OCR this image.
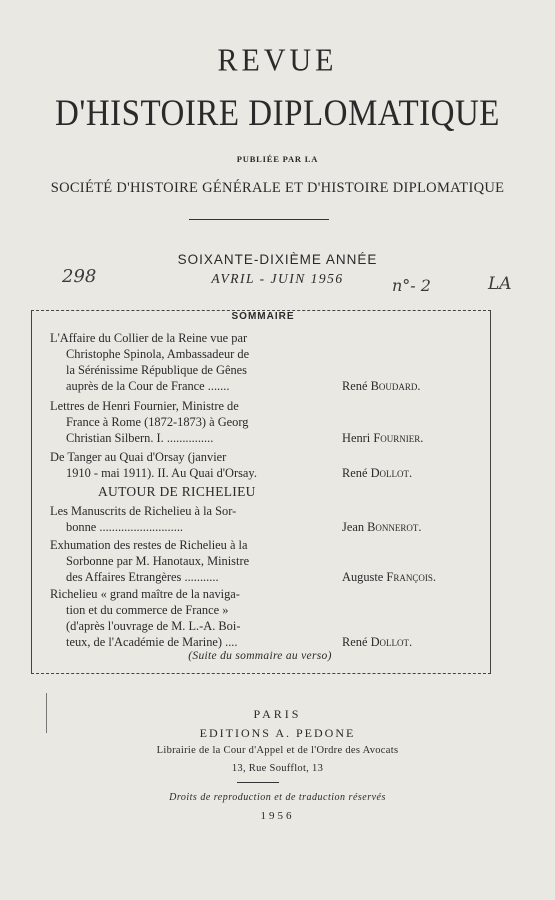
REVUE
D'HISTOIRE DIPLOMATIQUE
PUBLIÉE PAR LA
SOCIÉTÉ D'HISTOIRE GÉNÉRALE ET D'HISTOIRE DIPLOMATIQUE
SOIXANTE-DIXIÈME ANNÉE
AVRIL - JUIN 1956
298	n°- 2	LA
SOMMAIRE
L'Affaire du Collier de la Reine vue par
Christophe Spinola, Ambassadeur de
la Sérénissime République de Gênes
auprès de la Cour de France .......	René Boudard.
Lettres de Henri Fournier, Ministre de
France à Rome (1872-1873) à Georg
Christian Silbern. I. ...............	Henri Fournier.
De Tanger au Quai d'Orsay (janvier
1910 - mai 1911). II. Au Quai d'Orsay.	René Dollot.
AUTOUR DE RICHELIEU
Les Manuscrits de Richelieu à la Sor-
bonne ...........................	Jean Bonnerot.
Exhumation des restes de Richelieu à la
Sorbonne par M. Hanotaux, Ministre
des Affaires Etrangères ...........	Auguste François.
Richelieu « grand maître de la naviga-
tion et du commerce de France »
(d'après l'ouvrage de M. L.-A. Boi-
teux, de l'Académie de Marine) ....	René Dollot.
(Suite du sommaire au verso)
PARIS
EDITIONS A. PEDONE
Librairie de la Cour d'Appel et de l'Ordre des Avocats
13, Rue Soufflot, 13
Droits de reproduction et de traduction réservés
1956
